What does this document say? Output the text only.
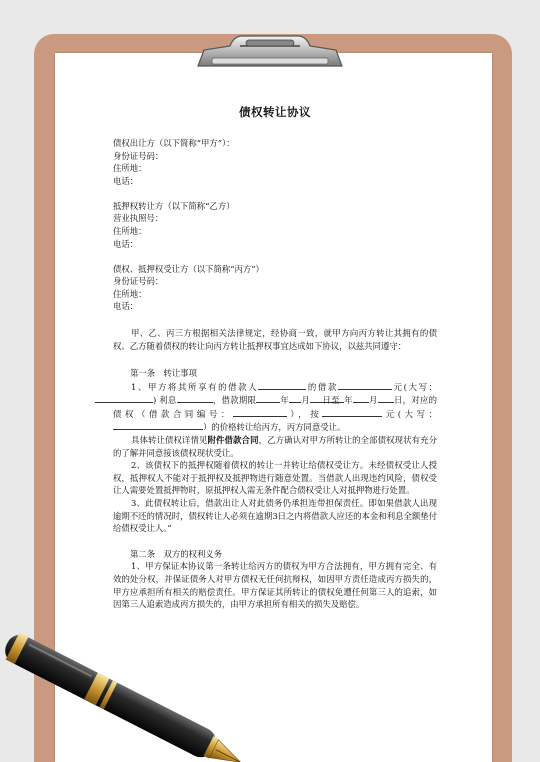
债权转让协议
债权出让方（以下简称“甲方”）：
身份证号码：
住所地：
电话：
抵押权转让方（以下简称“乙方）
营业执照号：
住所地：
电话：
债权、抵押权受让方（以下简称“丙方”）
身份证号码：
住所地：
电话：
甲、乙、丙三方根据相关法律规定，经协商一致，就甲方向丙方转让其拥有的债权、乙方随着债权的转让向丙方转让抵押权事宜达成如下协议，以兹共同遵守：
第一条　转让事项
1、甲方将其所享有的借款人	的借款	元(大写：) 利息	，借款期限	年 月 日至 年 月 日，对应的债权（借款合同编号：	），按	元(大写：）的价格转让给丙方，丙方同意受让。
具体转让债权详情见附件借款合同，乙方确认对甲方所转让的全部债权现状有充分的了解并同意接该债权现状受让。
2、该债权下的抵押权随着债权的转让一并转让给债权受让方。未经债权受让人授权，抵押权人不能对于抵押权及抵押物进行随意处置。当借款人出现违约风险，债权受让人需要处置抵押物时，原抵押权人需无条件配合债权受让人对抵押物进行处置。
3、此债权转让后，借款出让人对此债务仍承担连带担保责任。即如果借款人出现逾期不还的情况时，债权转让人必须在逾期3日之内将借款人应还的本金和利息全额垫付给债权受让人。”
第二条　双方的权利义务
1、甲方保证本协议第一条转让给丙方的债权为甲方合法拥有，甲方拥有完全、有效的处分权，并保证债务人对甲方债权无任何抗辩权，如因甲方责任造成丙方损失的，甲方应承担所有相关的赔偿责任。甲方保证其所转让的债权免遭任何第三人的追索，如因第三人追索造成丙方损失的，由甲方承担所有相关的损失及赔偿。
